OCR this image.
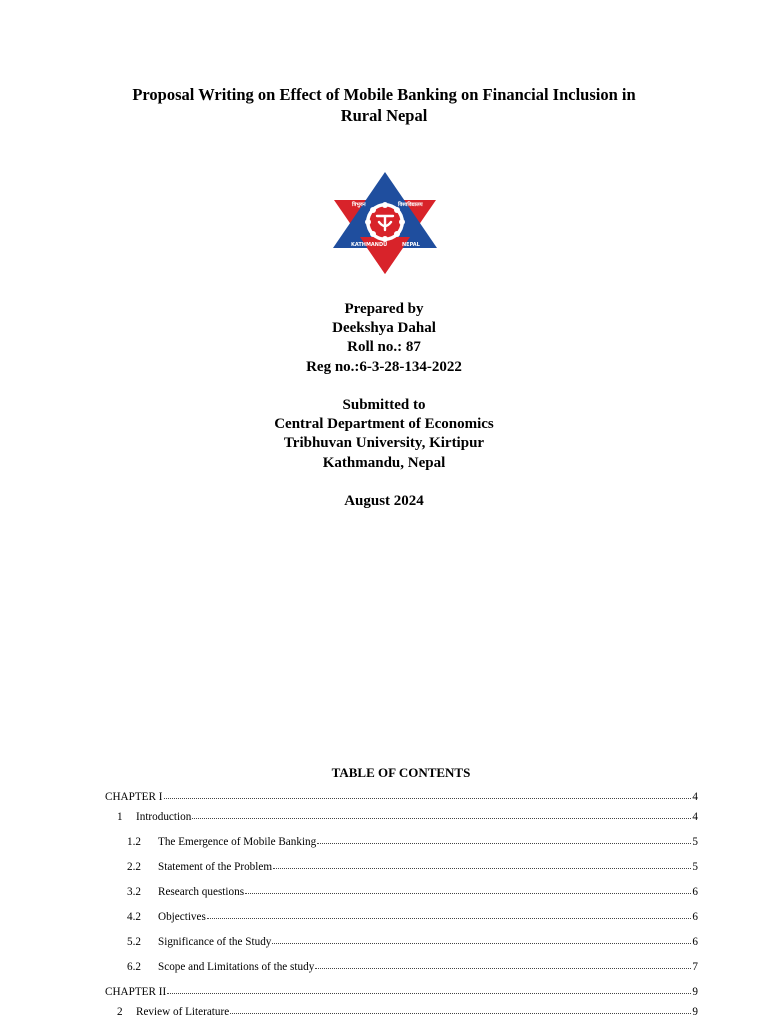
Proposal Writing on Effect of Mobile Banking on Financial Inclusion in
Rural Nepal
त्रिभुवन	विश्वविद्यालय
KATHMANDU	NEPAL
Prepared by
Deekshya Dahal
Roll no.: 87
Reg no.:6-3-28-134-2022
Submitted to
Central Department of Economics
Tribhuvan University, Kirtipur
Kathmandu, Nepal
August 2024
TABLE OF CONTENTS
CHAPTER I	4
1	Introduction	4
1.2	The Emergence of Mobile Banking	5
2.2	Statement of the Problem	5
3.2	Research questions	6
4.2	Objectives	6
5.2	Significance of the Study	6
6.2	Scope and Limitations of the study	7
CHAPTER II	9
2	Review of Literature	9
